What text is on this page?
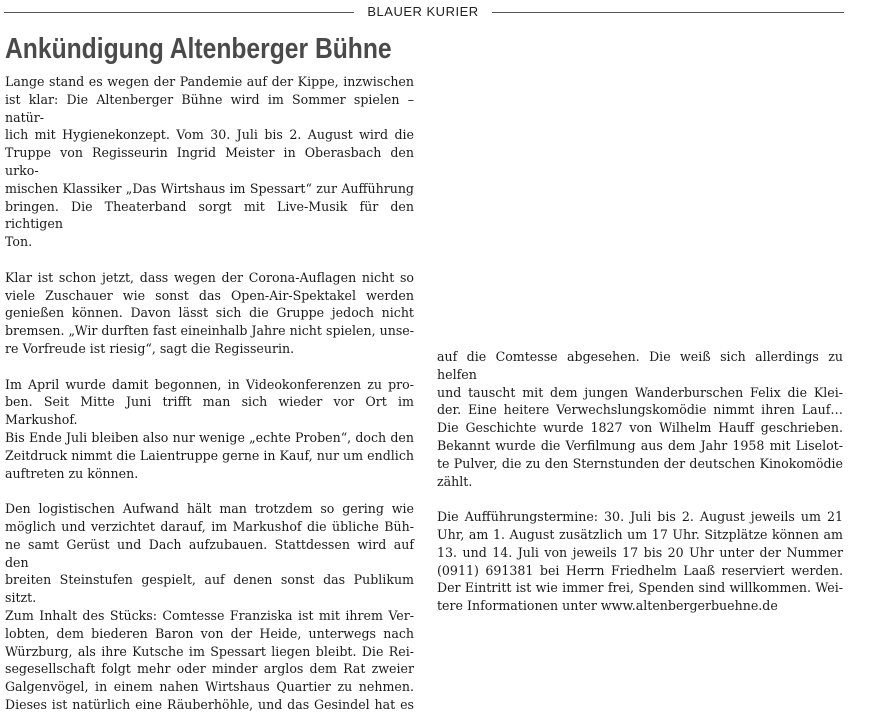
BLAUER KURIER
Ankündigung Altenberger Bühne

Lange stand es wegen der Pandemie auf der Kippe, inzwischen
ist klar: Die Altenberger Bühne wird im Sommer spielen – natür-
lich mit Hygienekonzept. Vom 30. Juli bis 2. August wird die
Truppe von Regisseurin Ingrid Meister in Oberasbach den urko-
mischen Klassiker „Das Wirtshaus im Spessart“ zur Aufführung
bringen. Die Theaterband sorgt mit Live-Musik für den richtigen
Ton.

Klar ist schon jetzt, dass wegen der Corona-Auflagen nicht so
viele Zuschauer wie sonst das Open-Air-Spektakel werden
genießen können. Davon lässt sich die Gruppe jedoch nicht
bremsen. „Wir durften fast eineinhalb Jahre nicht spielen, unse-
re Vorfreude ist riesig“, sagt die Regisseurin.

Im April wurde damit begonnen, in Videokonferenzen zu pro-
ben. Seit Mitte Juni trifft man sich wieder vor Ort im Markushof.
Bis Ende Juli bleiben also nur wenige „echte Proben“, doch den
Zeitdruck nimmt die Laientruppe gerne in Kauf, nur um endlich
auftreten zu können.

Den logistischen Aufwand hält man trotzdem so gering wie
möglich und verzichtet darauf, im Markushof die übliche Büh-
ne samt Gerüst und Dach aufzubauen. Stattdessen wird auf den
breiten Steinstufen gespielt, auf denen sonst das Publikum sitzt.
Zum Inhalt des Stücks: Comtesse Franziska ist mit ihrem Ver-
lobten, dem biederen Baron von der Heide, unterwegs nach
Würzburg, als ihre Kutsche im Spessart liegen bleibt. Die Rei-
segesellschaft folgt mehr oder minder arglos dem Rat zweier
Galgenvögel, in einem nahen Wirtshaus Quartier zu nehmen.
Dieses ist natürlich eine Räuberhöhle, und das Gesindel hat es

auf die Comtesse abgesehen. Die weiß sich allerdings zu helfen
und tauscht mit dem jungen Wanderburschen Felix die Klei-
der. Eine heitere Verwechslungskomödie nimmt ihren Lauf…
Die Geschichte wurde 1827 von Wilhelm Hauff geschrieben.
Bekannt wurde die Verfilmung aus dem Jahr 1958 mit Liselot-
te Pulver, die zu den Sternstunden der deutschen Kinokomödie
zählt.

Die Aufführungstermine: 30. Juli bis 2. August jeweils um 21
Uhr, am 1. August zusätzlich um 17 Uhr. Sitzplätze können am
13. und 14. Juli von jeweils 17 bis 20 Uhr unter der Nummer
(0911) 691381 bei Herrn Friedhelm Laaß reserviert werden.
Der Eintritt ist wie immer frei, Spenden sind willkommen. Wei-
tere Informationen unter www.altenbergerbuehne.de
